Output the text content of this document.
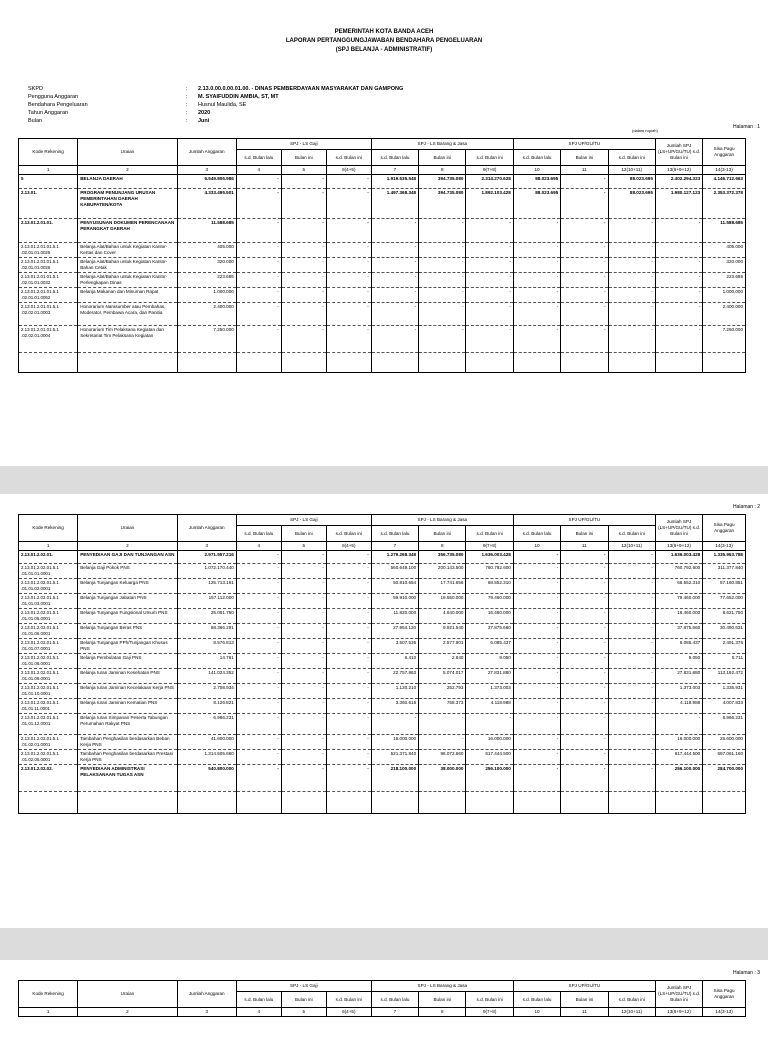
PEMERINTAH KOTA BANDA ACEH
LAPORAN PERTANGGUNGJAWABAN BENDAHARA PENGELUARAN
(SPJ BELANJA - ADMINISTRATIF)
SKPD	:	2.13.0.00.0.00.01.00. - DINAS PEMBERDAYAAN MASYARAKAT DAN GAMPONG
Pengguna Anggaran	:	M. SYAIFUDDIN AMBIA, ST, MT
Bendahara Pengeluaran	:	Husnul Maulida, SE
Tahun Anggaran	:	2020
Bulan	:	Juni
(dalam rupiah)
Halaman : 1
Kode Rekening	Uraian	Jumlah Anggaran	SPJ - LS Gaji			SPJ - LS Barang & Jasa			SPJ UP/GU/TU			Jumlah SPJ (LS+UP/GU/TU) s.d. Bulan ini	Sisa Pagu Anggaran
			s.d. Bulan lalu	Bulan ini	s.d. Bulan ini	s.d. Bulan lalu	Bulan ini	s.d. Bulan ini	s.d. Bulan lalu	Bulan ini	s.d. Bulan ini		
1	2	3	4	5	6(4+5)	7	8	9(7+8)	10	11	12(10+11)	13(6+9+12)	14(3-13)
5	BELANJA DAERAH	6.549.806.986	-	-	-	1.919.535.548	394.735.080	2.314.270.628	88.023.695	-	88.023.695	2.402.294.323	4.146.712.663
2.13.01.	PROGRAM PENUNJANG URUSAN PEMERINTAHAN DAERAH KABUPATEN/KOTA	4.333.495.501	-	-	-	1.497.368.348	394.735.080	1.892.103.428	88.023.695	-	88.023.695	1.980.127.123	2.353.372.378
2.13.01.2.01.01.	PENYUSUNAN DOKUMEN PERENCANAAN PERANGKAT DAERAH	11.588.685	-	-	-	-	-	-	-	-	-	-	11.588.685
2.13.01.2.01.01.5.1 .02.01.01.0025	Belanja Alat/Bahan untuk Kegiatan Kantor- Kertas dan Cover	405.000	-	-	-	-	-	-	-	-	-	-	405.000
2.13.01.2.01.01.5.1 .02.01.01.0026	Belanja Alat/Bahan untuk Kegiatan Kantor- Bahan Cetak	320.000	-	-	-	-	-	-	-	-	-	-	320.000
2.13.01.2.01.01.5.1 .02.01.01.0032	Belanja Alat/Bahan untuk Kegiatan Kantor-Perlengkapan Dinas	223.685	-	-	-	-	-	-	-	-	-	-	223.685
2.13.01.2.01.01.5.1 .02.01.01.0052	Belanja Makanan dan Minuman Rapat	1.000.000	-	-	-	-	-	-	-	-	-	-	1.000.000
2.13.01.2.01.01.5.1 .02.02.01.0003	Honorarium Narasumber atau Pembahas, Moderator, Pembawa Acara, dan Panitia	2.400.000	-	-	-	-	-	-	-	-	-	-	2.400.000
2.13.01.2.01.01.5.1 .02.02.01.0004	Honorarium Tim Pelaksana Kegiatan dan Sekretariat Tim Pelaksana Kegiatan	7.250.000	-	-	-	-	-	-	-	-	-	-	7.250.000

Halaman : 2
Kode Rekening	Uraian	Jumlah Anggaran	SPJ - LS Gaji			SPJ - LS Barang & Jasa			SPJ UP/GU/TU			Jumlah SPJ (LS+UP/GU/TU) s.d. Bulan ini	Sisa Pagu Anggaran
			s.d. Bulan lalu	Bulan ini	s.d. Bulan ini	s.d. Bulan lalu	Bulan ini	s.d. Bulan ini	s.d. Bulan lalu	Bulan ini	s.d. Bulan ini		
1	2	3	4	5	6(4+5)	7	8	9(7+8)	10	11	12(10+11)	13(6+9+12)	14(3-13)
2.13.01.2.02.01.	PENYEDIAAN GAJI DAN TUNJANGAN ASN	2.971.957.216	-	-	-	1.279.268.348	356.735.080	1.636.003.428	-	-	-	1.636.003.428	1.335.953.788
2.13.01.2.02.01.5.1 .01.01.01.0001	Belanja Gaji Pokok PNS	1.072.170.440	-	-	-	560.649.100	200.143.500	760.792.600	-	-	-	760.792.600	311.377.840
2.13.01.2.02.01.5.1 .01.01.02.0001	Belanja Tunjangan Keluarga PNS	125.713.161	-	-	-	50.810.654	17.741.656	68.552.310	-	-	-	68.552.310	57.160.851
2.13.01.2.02.01.5.1 .01.01.03.0001	Belanja Tunjangan Jabatan PNS	157.112.000	-	-	-	59.910.000	19.550.000	79.460.000	-	-	-	79.460.000	77.652.000
2.13.01.2.02.01.5.1 .01.01.05.0001	Belanja Tunjangan Fungsional Umum PNS	25.081.750	-	-	-	11.820.000	4.640.000	16.460.000	-	-	-	16.460.000	8.621.750
2.13.01.2.02.01.5.1 .01.01.06.0001	Belanja Tunjangan Beras PNS	68.366.291	-	-	-	27.954.120	9.921.540	37.875.660	-	-	-	37.875.660	30.490.631
2.13.01.2.02.01.5.1 .01.01.07.0001	Belanja Tunjangan PPh/Tunjangan Khusus PNS	8.576.813	-	-	-	3.507.536	2.577.901	6.085.437	-	-	-	6.085.437	2.491.376
2.13.01.2.02.01.5.1 .01.01.08.0001	Belanja Pembulatan Gaji PNS	14.761	-	-	-	6.410	2.640	9.050	-	-	-	9.050	5.711
2.13.01.2.02.01.5.1 .01.01.09.0001	Belanja Iuran Jaminan Kesehatan PNS	141.024.352	-	-	-	22.757.863	5.074.017	27.831.880	-	-	-	27.831.880	113.192.472
2.13.01.2.02.01.5.1 .01.01.10.0001	Belanja Iuran Jaminan Kecelakaan Kerja PNS	2.708.934	-	-	-	1.120.210	252.793	1.373.003	-	-	-	1.373.003	1.335.931
2.13.01.2.02.01.5.1 .01.01.11.0001	Belanja Iuran Jaminan Kematian PNS	8.126.821	-	-	-	3.360.615	758.373	4.118.988	-	-	-	4.118.988	4.007.833
2.13.01.2.02.01.5.1 .01.01.12.0001	Belanja Iuran Simpanan Peserta Tabungan Perumahan Rakyat PNS	6.966.231	-	-	-	-	-	-	-	-	-	-	6.966.231
2.13.01.2.02.01.5.1 .01.02.01.0001	Tambahan Penghasilan berdasarkan Beban Kerja PNS	41.600.000	-	-	-	16.000.000	-	16.000.000	-	-	-	16.000.000	25.600.000
2.13.01.2.02.01.5.1 .01.02.05.0001	Tambahan Penghasilan berdasarkan Prestasi Kerja PNS	1.314.505.660	-	-	-	521.371.840	96.072.660	617.444.500	-	-	-	617.444.500	697.061.160
2.13.01.2.02.02.	PENYEDIAAN ADMINISTRASI PELAKSANAAN TUGAS ASN	540.800.000	-	-	-	218.100.000	38.000.000	256.100.000	-	-	-	256.100.000	284.700.000

Halaman : 3
Kode Rekening	Uraian	Jumlah Anggaran	SPJ - LS Gaji			SPJ - LS Barang & Jasa			SPJ UP/GU/TU			Jumlah SPJ (LS+UP/GU/TU) s.d. Bulan ini	Sisa Pagu Anggaran
			s.d. Bulan lalu	Bulan ini	s.d. Bulan ini	s.d. Bulan lalu	Bulan ini	s.d. Bulan ini	s.d. Bulan lalu	Bulan ini	s.d. Bulan ini		
1	2	3	4	5	6(4+5)	7	8	9(7+8)	10	11	12(10+11)	13(6+9+12)	14(3-13)
